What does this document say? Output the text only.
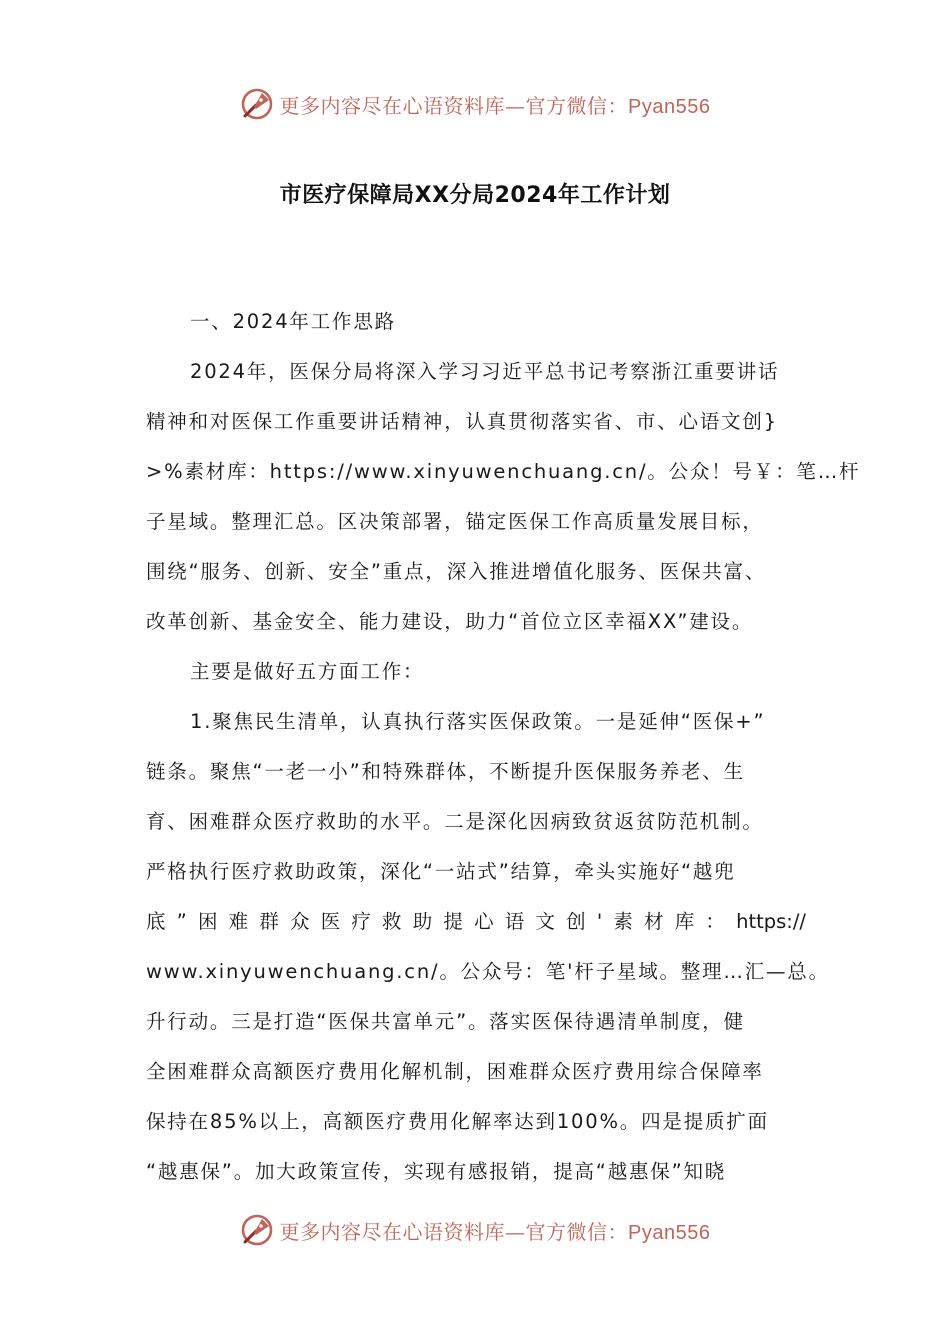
更多内容尽在心语资料库—官方微信：Pyan556
市医疗保障局XX分局2024年工作计划
一、2024年工作思路
2024年，医保分局将深入学习习近平总书记考察浙江重要讲话
精神和对医保工作重要讲话精神，认真贯彻落实省、市、心语文创}
>%素材库：https://www.xinyuwenchuang.cn/。公众！号￥：笔…杆
子星域。整理汇总。区决策部署，锚定医保工作高质量发展目标，
围绕“服务、创新、安全”重点，深入推进增值化服务、医保共富、
改革创新、基金安全、能力建设，助力“首位立区幸福XX”建设。
主要是做好五方面工作：
1.聚焦民生清单，认真执行落实医保政策。一是延伸“医保+”
链条。聚焦“一老一小”和特殊群体，不断提升医保服务养老、生
育、困难群众医疗救助的水平。二是深化因病致贫返贫防范机制。
严格执行医疗救助政策，深化“一站式”结算，牵头实施好“越兜
底”困难群众医疗救助提心语文创'素材库：https://
www.xinyuwenchuang.cn/。公众号：笔'杆子星域。整理…汇—总。
升行动。三是打造“医保共富单元”。落实医保待遇清单制度，健
全困难群众高额医疗费用化解机制，困难群众医疗费用综合保障率
保持在85%以上，高额医疗费用化解率达到100%。四是提质扩面
“越惠保”。加大政策宣传，实现有感报销，提高“越惠保”知晓
更多内容尽在心语资料库—官方微信：Pyan556
